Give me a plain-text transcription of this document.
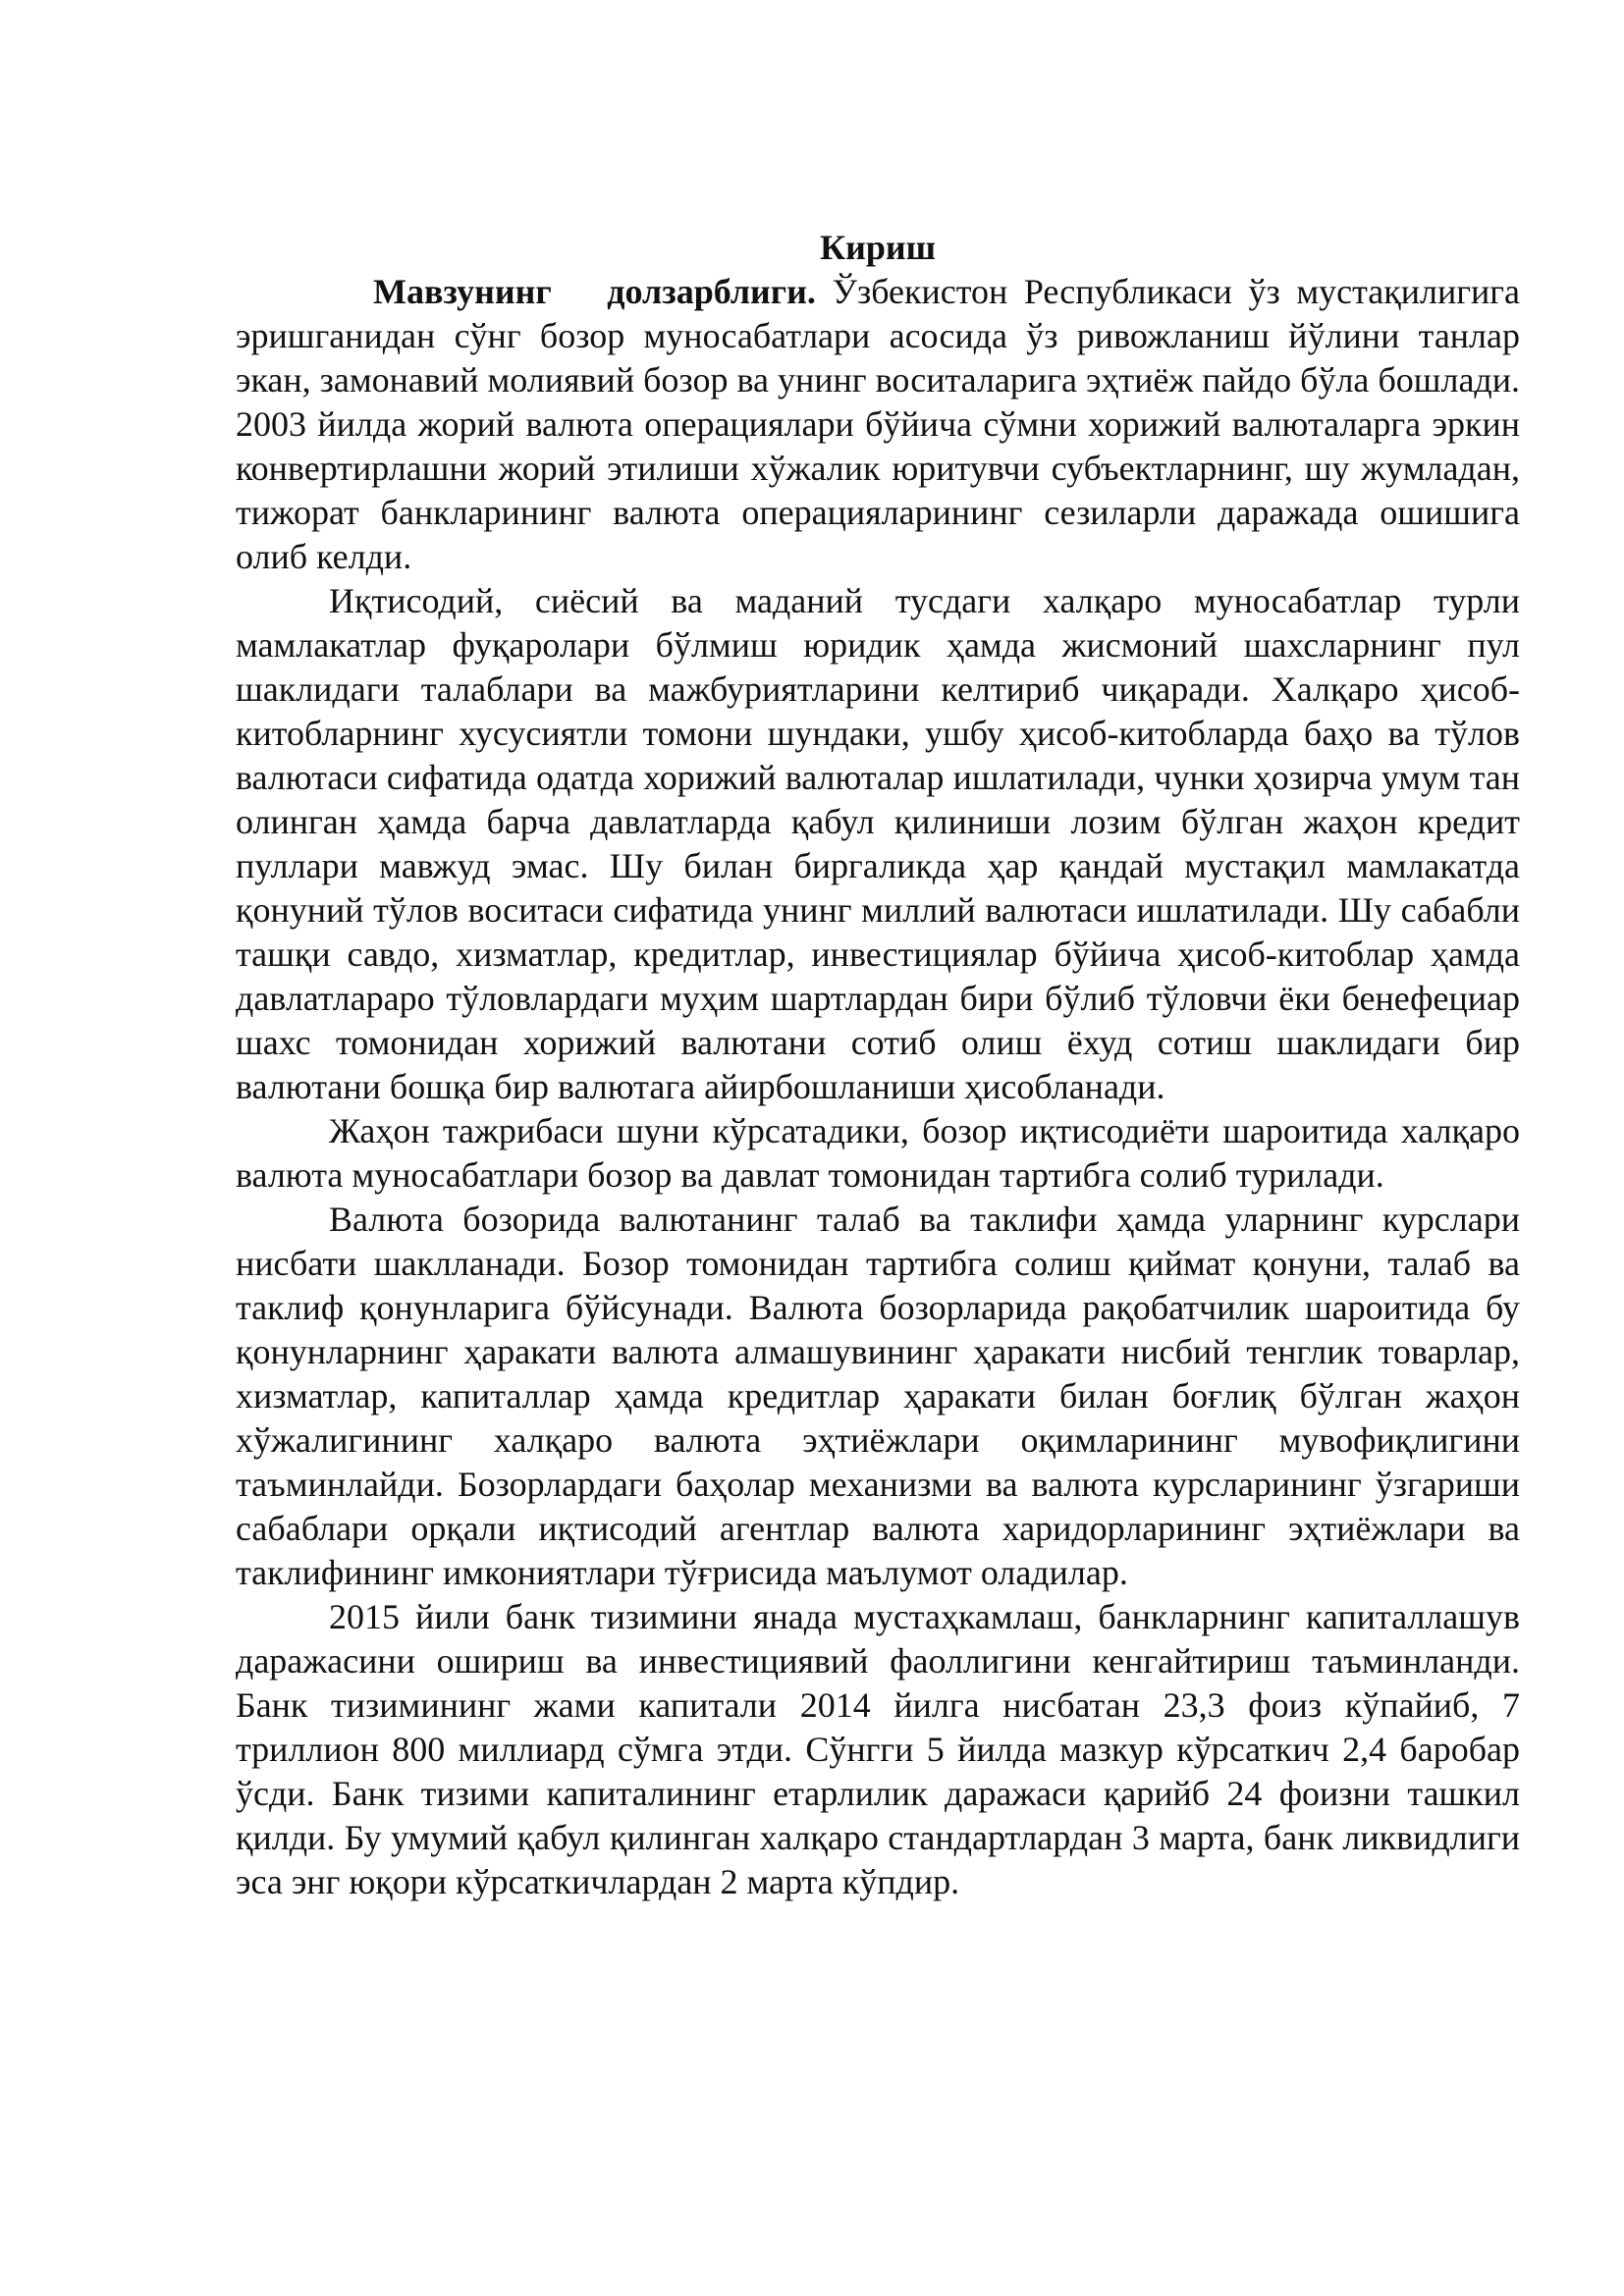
Кириш

Мавзунинг долзарблиги. Ўзбекистон Республикаси ўз мустақилигига эришганидан сўнг бозор муносабатлари асосида ўз ривожланиш йўлини танлар экан, замонавий молиявий бозор ва унинг воситаларига эҳтиёж пайдо бўла бошлади. 2003 йилда жорий валюта операциялари бўйича сўмни хорижий валюталарга эркин конвертирлашни жорий этилиши хўжалик юритувчи субъектларнинг, шу жумладан, тижорат банкларининг валюта операцияларининг сезиларли даражада ошишига олиб келди.

Иқтисодий, сиёсий ва маданий тусдаги халқаро муносабатлар турли мамлакатлар фуқаролари бўлмиш юридик ҳамда жисмоний шахсларнинг пул шаклидаги талаблари ва мажбуриятларини келтириб чиқаради. Халқаро ҳисоб-китобларнинг хусусиятли томони шундаки, ушбу ҳисоб-китобларда баҳо ва тўлов валютаси сифатида одатда хорижий валюталар ишлатилади, чунки ҳозирча умум тан олинган ҳамда барча давлатларда қабул қилиниши лозим бўлган жаҳон кредит пуллари мавжуд эмас. Шу билан биргаликда ҳар қандай мустақил мамлакатда қонуний тўлов воситаси сифатида унинг миллий валютаси ишлатилади. Шу сабабли ташқи савдо, хизматлар, кредитлар, инвестициялар бўйича ҳисоб-китоблар ҳамда давлатлараро тўловлардаги муҳим шартлардан бири бўлиб тўловчи ёки бенефециар шахс томонидан хорижий валютани сотиб олиш ёхуд сотиш шаклидаги бир валютани бошқа бир валютага айирбошланиши ҳисобланади.

Жаҳон тажрибаси шуни кўрсатадики, бозор иқтисодиёти шароитида халқаро валюта муносабатлари бозор ва давлат томонидан тартибга солиб турилади.

Валюта бозорида валютанинг талаб ва таклифи ҳамда уларнинг курслари нисбати шаклланади. Бозор томонидан тартибга солиш қиймат қонуни, талаб ва таклиф қонунларига бўйсунади. Валюта бозорларида рақобатчилик шароитида бу қонунларнинг ҳаракати валюта алмашувининг ҳаракати нисбий тенглик товарлар, хизматлар, капиталлар ҳамда кредитлар ҳаракати билан боғлиқ бўлган жаҳон хўжалигининг халқаро валюта эҳтиёжлари оқимларининг мувофиқлигини таъминлайди. Бозорлардаги баҳолар механизми ва валюта курсларининг ўзгариши сабаблари орқали иқтисодий агентлар валюта харидорларининг эҳтиёжлари ва таклифининг имкониятлари тўғрисида маълумот оладилар.

2015 йили банк тизимини янада мустаҳкамлаш, банкларнинг капиталлашув даражасини ошириш ва инвестициявий фаоллигини кенгайтириш таъминланди. Банк тизимининг жами капитали 2014 йилга нисбатан 23,3 фоиз кўпайиб, 7 триллион 800 миллиард сўмга этди. Сўнгги 5 йилда мазкур кўрсаткич 2,4 баробар ўсди. Банк тизими капиталининг етарлилик даражаси қарийб 24 фоизни ташкил қилди. Бу умумий қабул қилинган халқаро стандартлардан 3 марта, банк ликвидлиги эса энг юқори кўрсаткичлардан 2 марта кўпдир.
